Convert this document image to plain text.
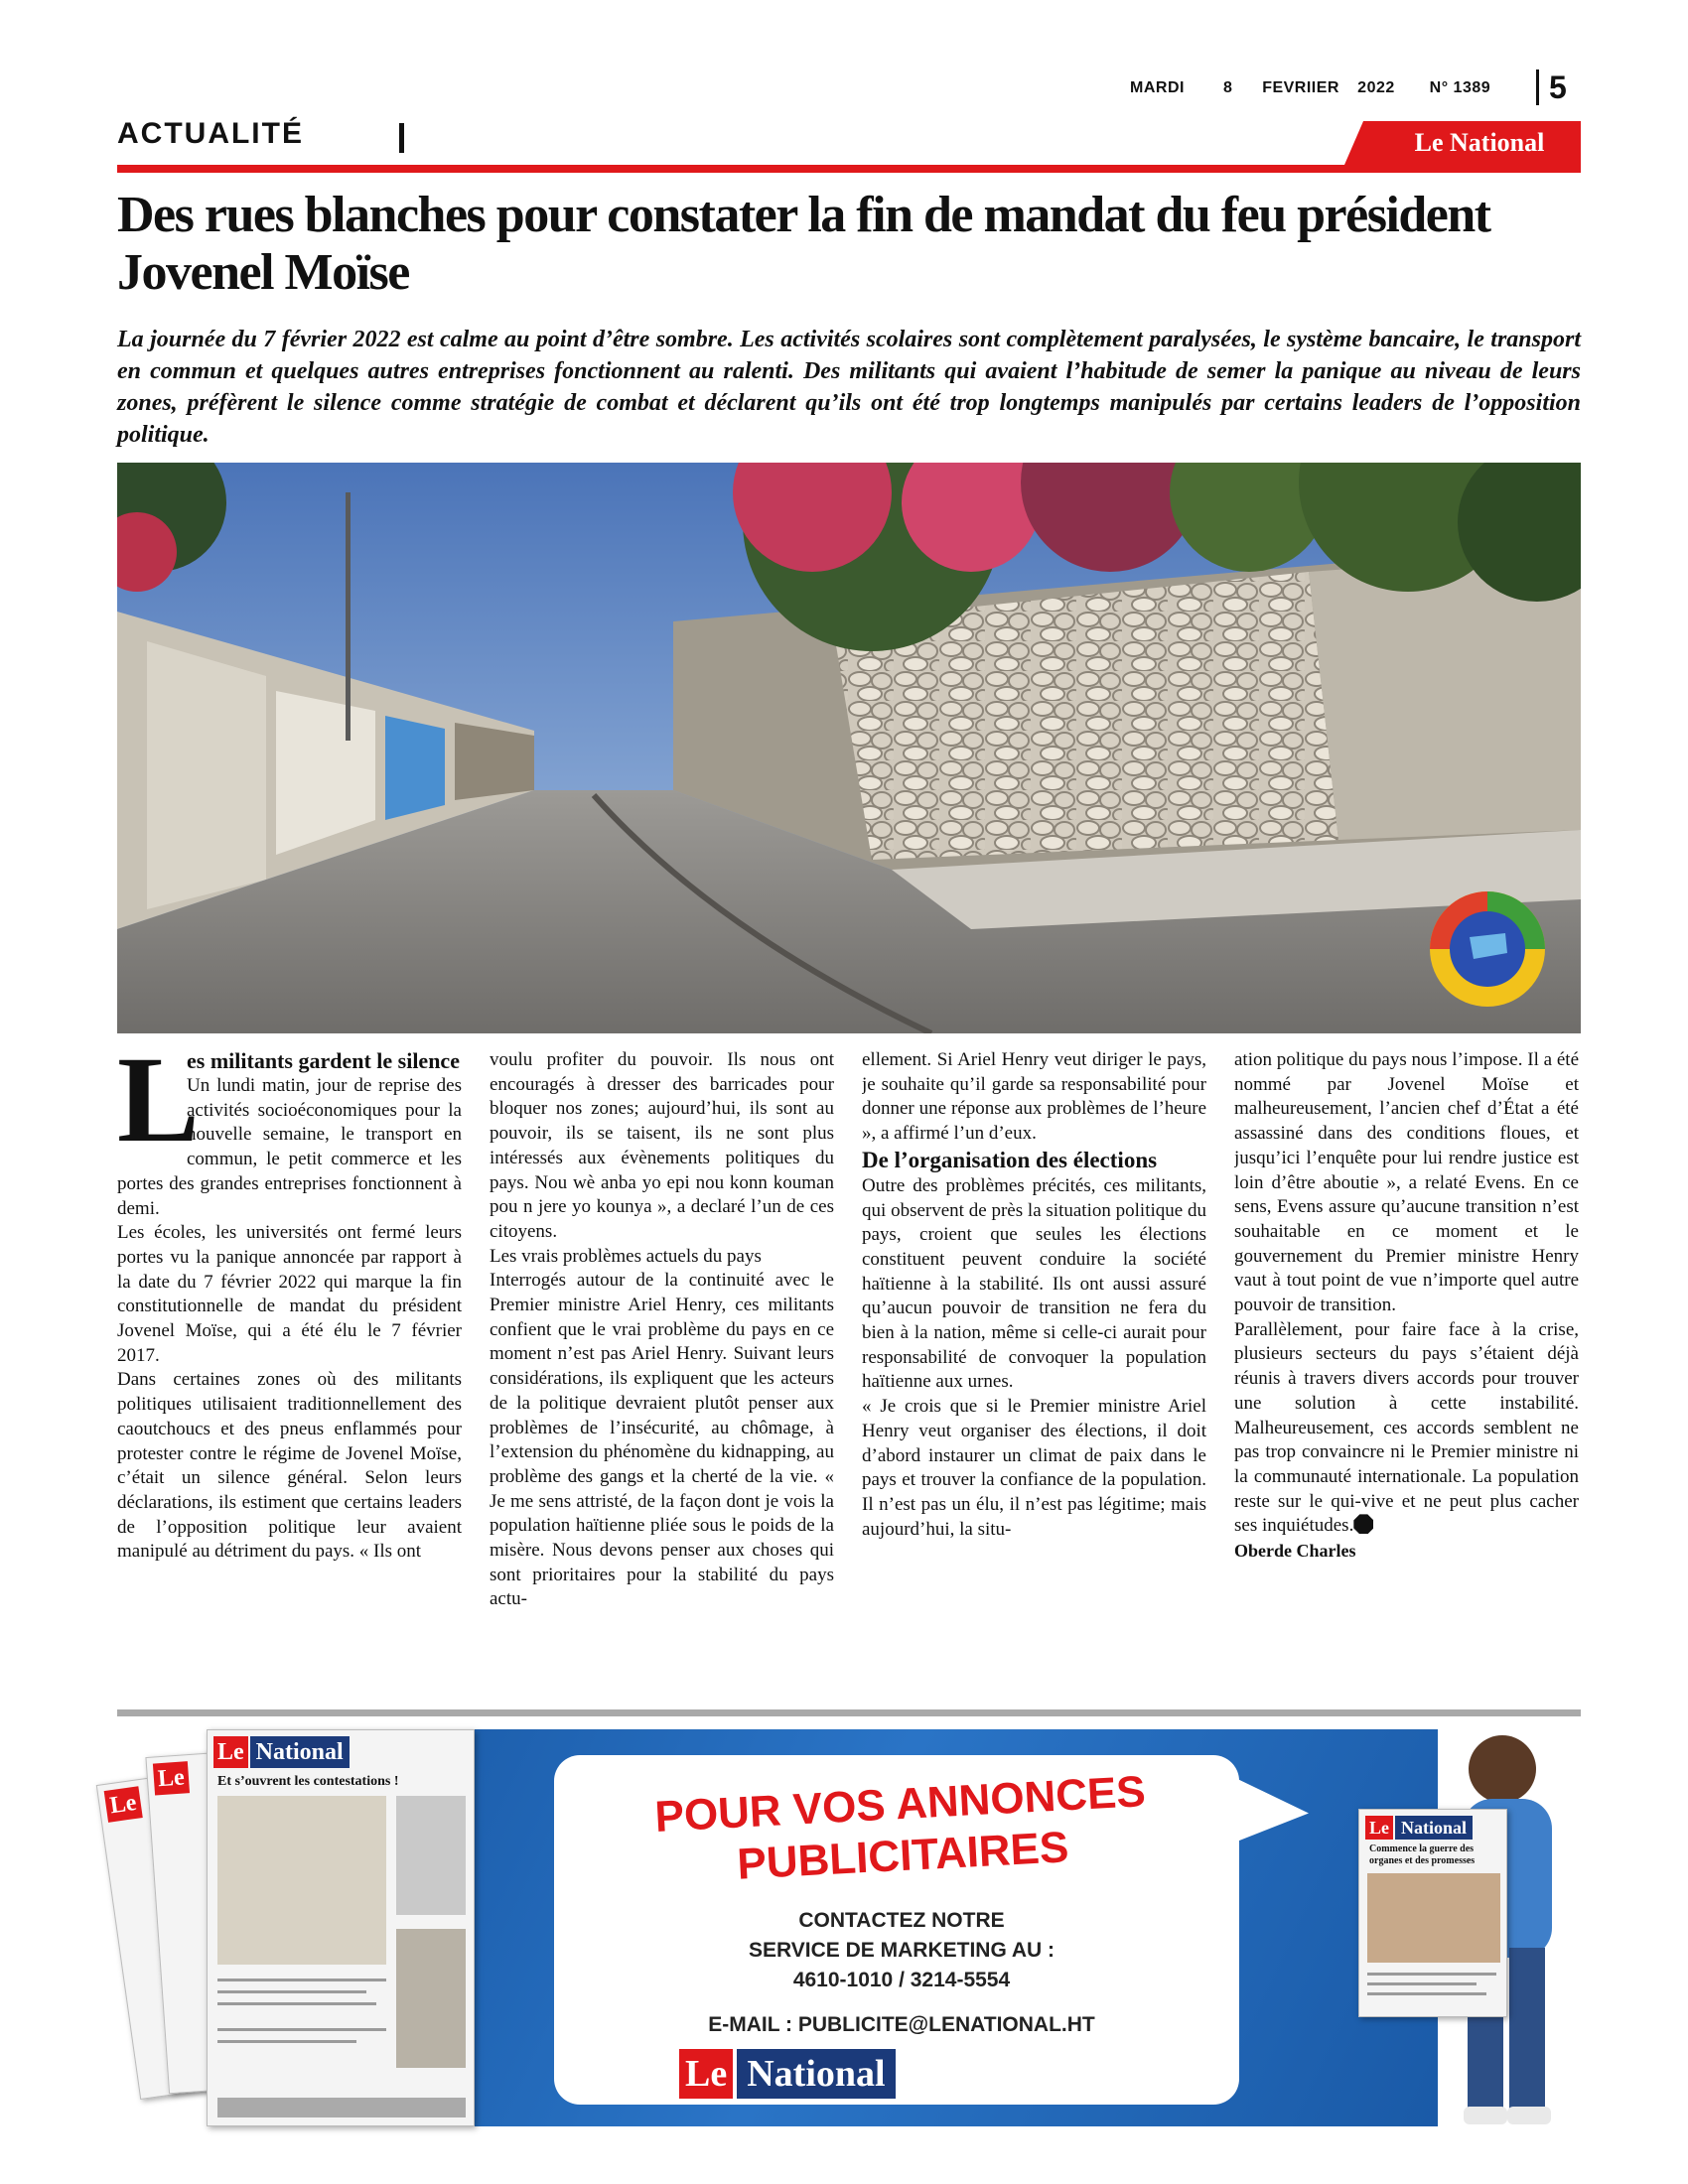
MARDI	8	FEVRIIER	2022	N° 1389	5
ACTUALITÉ	Le National
Des rues blanches pour constater la fin de mandat du feu président Jovenel Moïse

La journée du 7 février 2022 est calme au point d’être sombre. Les activités scolaires sont complètement paralysées, le système bancaire, le transport en commun et quelques autres entreprises fonctionnent au ralenti. Des militants qui avaient l’habitude de semer la panique au niveau de leurs zones, préfèrent le silence comme stratégie de combat et déclarent qu’ils ont été trop longtemps manipulés par certains leaders de l’opposition politique.

L

es militants gardent le silence

Un lundi matin, jour de reprise des activités socioéconomiques pour la nouvelle semaine, le transport en commun, le petit commerce et les portes des grandes entreprises fonctionnent à demi.

Les écoles, les universités ont fermé leurs portes vu la panique annoncée par rapport à la date du 7 février 2022 qui marque la fin constitutionnelle de mandat du président Jovenel Moïse, qui a été élu le 7 février 2017.

Dans certaines zones où des militants politiques utilisaient traditionnellement des caoutchoucs et des pneus enflammés pour protester contre le régime de Jovenel Moïse, c’était un silence général. Selon leurs déclarations, ils estiment que certains leaders de l’opposition politique leur avaient manipulé au détriment du pays. « Ils ont

voulu profiter du pouvoir. Ils nous ont encouragés à dresser des barricades pour bloquer nos zones; aujourd’hui, ils sont au pouvoir, ils se taisent, ils ne sont plus intéressés aux évènements politiques du pays. Nou wè anba yo epi nou konn kouman pou n jere yo kounya », a declaré l’un de ces citoyens.

Les vrais problèmes actuels du pays

Interrogés autour de la continuité avec le Premier ministre Ariel Henry, ces militants confient que le vrai problème du pays en ce moment n’est pas Ariel Henry. Suivant leurs considérations, ils expliquent que les acteurs de la politique devraient plutôt penser aux problèmes de l’insécurité, au chômage, à l’extension du phénomène du kidnapping, au problème des gangs et la cherté de la vie. « Je me sens attristé, de la façon dont je vois la population haïtienne pliée sous le poids de la misère. Nous devons penser aux choses qui sont prioritaires pour la stabilité du pays actu-

ellement. Si Ariel Henry veut diriger le pays, je souhaite qu’il garde sa responsabilité pour donner une réponse aux problèmes de l’heure », a affirmé l’un d’eux.

De l’organisation des élections

Outre des problèmes précités, ces militants, qui observent de près la situation politique du pays, croient que seules les élections constituent peuvent conduire la société haïtienne à la stabilité. Ils ont aussi assuré qu’aucun pouvoir de transition ne fera du bien à la nation, même si celle-ci aurait pour responsabilité de convoquer la population haïtienne aux urnes.

« Je crois que si le Premier ministre Ariel Henry veut organiser des élections, il doit d’abord instaurer un climat de paix dans le pays et trouver la confiance de la population. Il n’est pas un élu, il n’est pas légitime; mais aujourd’hui, la situ-

ation politique du pays nous l’impose. Il a été nommé par Jovenel Moïse et malheureusement, l’ancien chef d’État a été assassiné dans des conditions floues, et jusqu’ici l’enquête pour lui rendre justice est loin d’être aboutie », a relaté Evens. En ce sens, Evens assure qu’aucune transition n’est souhaitable en ce moment et le gouvernement du Premier ministre Henry vaut à tout point de vue n’importe quel autre pouvoir de transition.

Parallèlement, pour faire face à la crise, plusieurs secteurs du pays s’étaient déjà réunis à travers divers accords pour trouver une solution à cette instabilité. Malheureusement, ces accords semblent ne pas trop convaincre ni le Premier ministre ni la communauté internationale. La population reste sur le qui-vive et ne peut plus cacher ses inquiétudes.

Oberde Charles

Le
Le
Le National
Et s’ouvrent les contestations !	POUR VOS ANNONCES
PUBLICITAIRES
CONTACTEZ NOTRE
SERVICE DE MARKETING AU :
4610-1010 / 3214-5554
E-MAIL : PUBLICITE@LENATIONAL.HT
Le National
Le National
Commence la guerre des organes et des promesses
